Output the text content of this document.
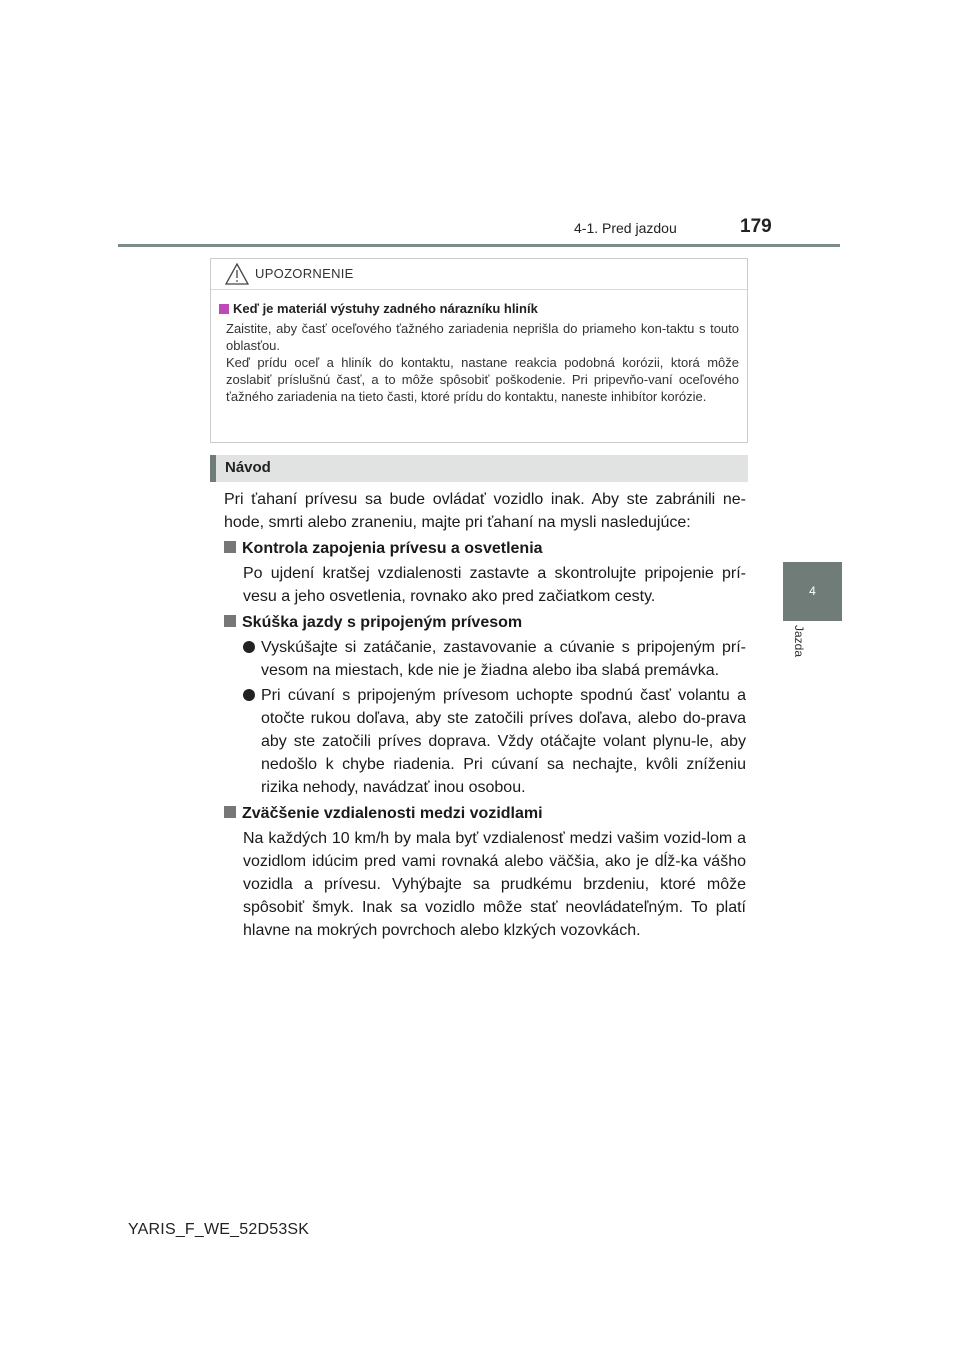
4-1. Pred jazdou	179
4
Jazda
UPOZORNENIE
Keď je materiál výstuhy zadného nárazníku hliník

Zaistite, aby časť oceľového ťažného zariadenia neprišla do priameho kon-taktu s touto oblasťou.

Keď prídu oceľ a hliník do kontaktu, nastane reakcia podobná korózii, ktorá môže zoslabiť príslušnú časť, a to môže spôsobiť poškodenie. Pri pripevňo-vaní oceľového ťažného zariadenia na tieto časti, ktoré prídu do kontaktu, naneste inhibítor korózie.

Návod

Pri ťahaní prívesu sa bude ovládať vozidlo inak. Aby ste zabránili ne-hode, smrti alebo zraneniu, majte pri ťahaní na mysli nasledujúce:

Kontrola zapojenia prívesu a osvetlenia

Po ujdení kratšej vzdialenosti zastavte a skontrolujte pripojenie prí-vesu a jeho osvetlenia, rovnako ako pred začiatkom cesty.

Skúška jazdy s pripojeným prívesom
Vyskúšajte si zatáčanie, zastavovanie a cúvanie s pripojeným prí-vesom na miestach, kde nie je žiadna alebo iba slabá premávka.
Pri cúvaní s pripojeným prívesom uchopte spodnú časť volantu a otočte rukou doľava, aby ste zatočili príves doľava, alebo do-prava aby ste zatočili príves doprava. Vždy otáčajte volant plynu-le, aby nedošlo k chybe riadenia. Pri cúvaní sa nechajte, kvôli zníženiu rizika nehody, navádzať inou osobou.
Zväčšenie vzdialenosti medzi vozidlami

Na každých 10 km/h by mala byť vzdialenosť medzi vašim vozid-lom a vozidlom idúcim pred vami rovnaká alebo väčšia, ako je dĺž-ka vášho vozidla a prívesu. Vyhýbajte sa prudkému brzdeniu, ktoré môže spôsobiť šmyk. Inak sa vozidlo môže stať neovládateľným. To platí hlavne na mokrých povrchoch alebo klzkých vozovkách.

YARIS_F_WE_52D53SK
